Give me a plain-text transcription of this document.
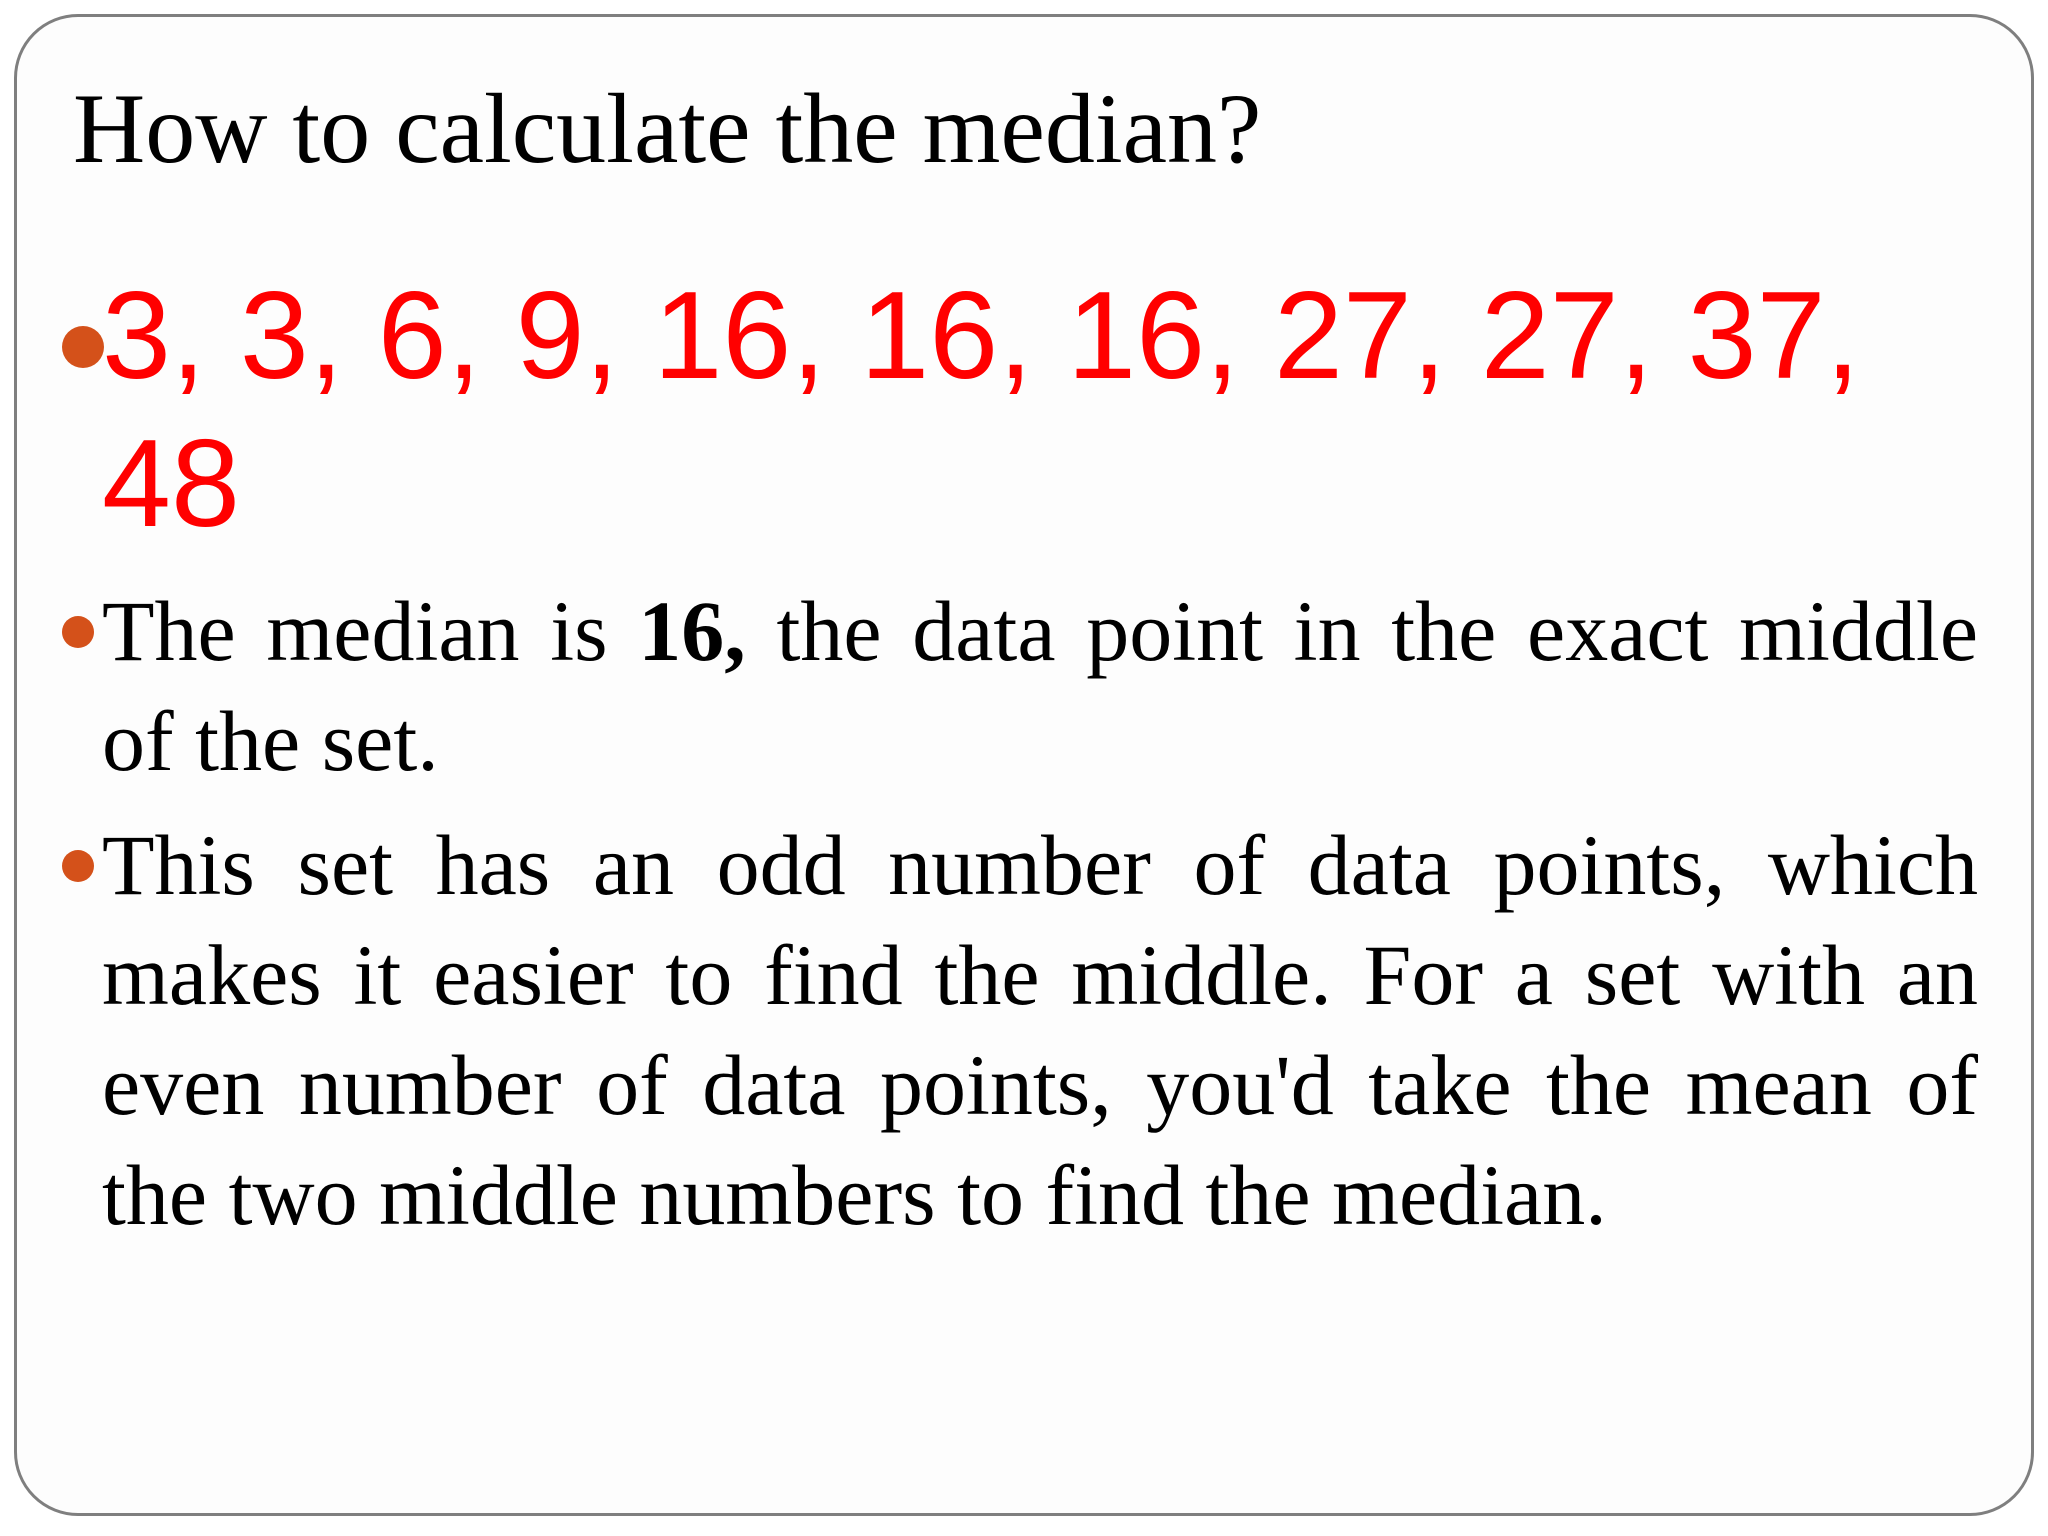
How to calculate the median?

3, 3, 6, 9, 16, 16, 16, 27, 27, 37, 48

The median is 16, the data point in the exact middle of the set.

This set has an odd number of data points, which makes it easier to find the middle. For a set with an even number of data points, you'd take the mean of the two middle numbers to find the median.
